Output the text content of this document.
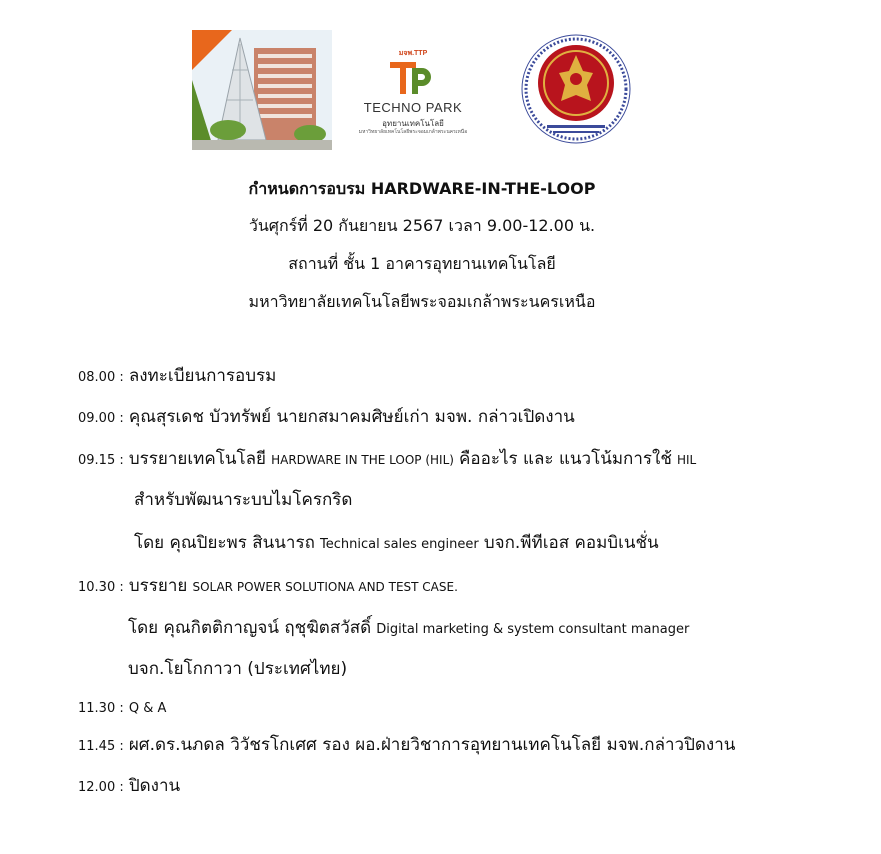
มจพ.TTP
TECHNO PARK
อุทยานเทคโนโลยี
มหาวิทยาลัยเทคโนโลยีพระจอมเกล้าพระนครเหนือ
กำหนดการอบรม HARDWARE-IN-THE-LOOP
วันศุกร์ที่ 20 กันยายน 2567 เวลา 9.00-12.00 น.
สถานที่ ชั้น 1 อาคารอุทยานเทคโนโลยี
มหาวิทยาลัยเทคโนโลยีพระจอมเกล้าพระนครเหนือ
08.00 : ลงทะเบียนการอบรม
09.00 : คุณสุรเดช บัวทรัพย์ นายกสมาคมศิษย์เก่า มจพ. กล่าวเปิดงาน
09.15 : บรรยายเทคโนโลยี HARDWARE IN THE LOOP (HIL) คืออะไร และ แนวโน้มการใช้ HIL
สำหรับพัฒนาระบบไมโครกริด
โดย คุณปิยะพร สินนารถ Technical sales engineer บจก.พีทีเอส คอมบิเนชั่น
10.30 : บรรยาย SOLAR POWER SOLUTIONA AND TEST CASE.
โดย คุณกิตติกาญจน์ ฤชุฆิตสวัสดิ์ Digital marketing & system consultant manager
บจก.โยโกกาวา (ประเทศไทย)
11.30 : Q & A
11.45 : ผศ.ดร.นภดล วิวัชรโกเศศ รอง ผอ.ฝ่ายวิชาการอุทยานเทคโนโลยี มจพ.กล่าวปิดงาน
12.00 : ปิดงาน
